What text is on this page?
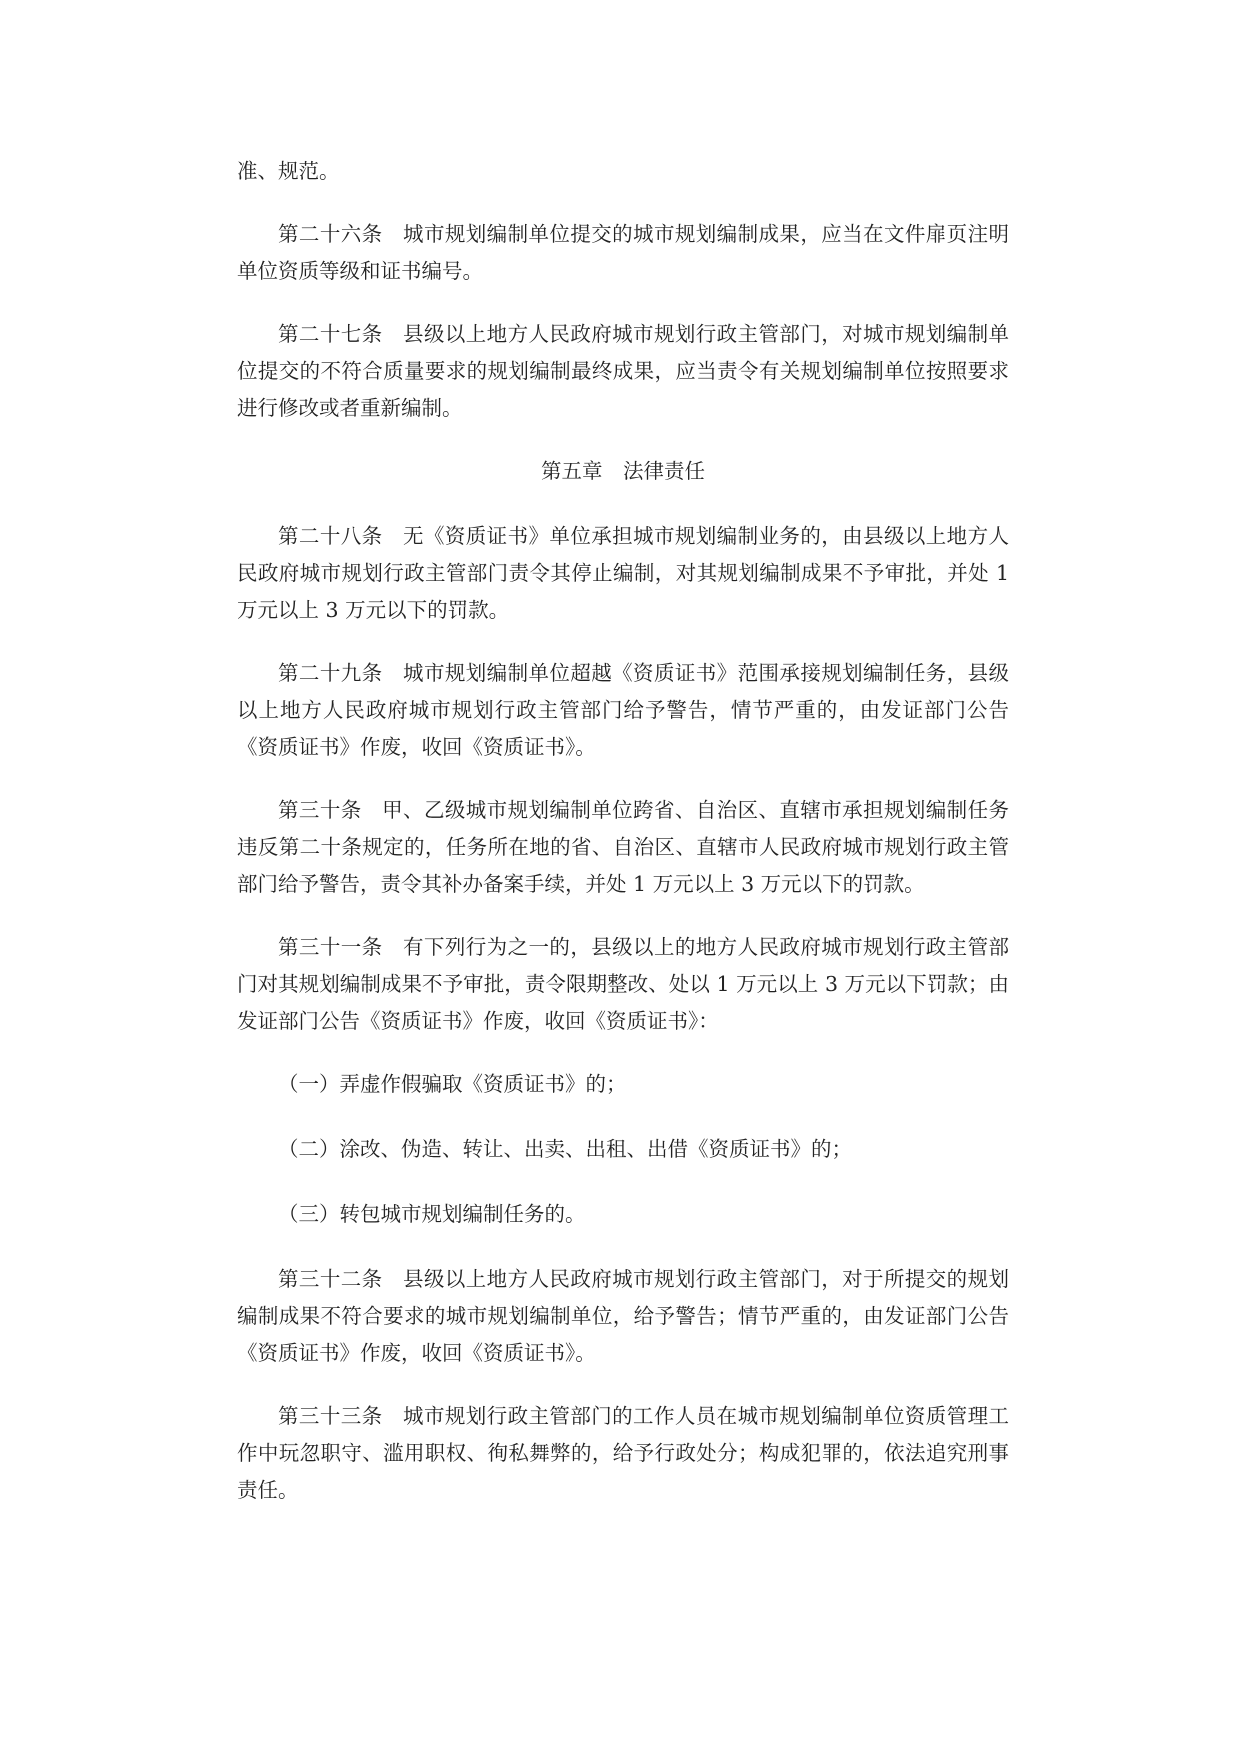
准、规范。

第二十六条 城市规划编制单位提交的城市规划编制成果，应当在文件扉页注明单位资质等级和证书编号。

第二十七条 县级以上地方人民政府城市规划行政主管部门，对城市规划编制单位提交的不符合质量要求的规划编制最终成果，应当责令有关规划编制单位按照要求进行修改或者重新编制。

第五章　法律责任

第二十八条 无《资质证书》单位承担城市规划编制业务的，由县级以上地方人民政府城市规划行政主管部门责令其停止编制，对其规划编制成果不予审批，并处 1 万元以上 3 万元以下的罚款。

第二十九条 城市规划编制单位超越《资质证书》范围承接规划编制任务，县级以上地方人民政府城市规划行政主管部门给予警告，情节严重的，由发证部门公告《资质证书》作废，收回《资质证书》。

第三十条 甲、乙级城市规划编制单位跨省、自治区、直辖市承担规划编制任务违反第二十条规定的，任务所在地的省、自治区、直辖市人民政府城市规划行政主管部门给予警告，责令其补办备案手续，并处 1 万元以上 3 万元以下的罚款。

第三十一条 有下列行为之一的，县级以上的地方人民政府城市规划行政主管部门对其规划编制成果不予审批，责令限期整改、处以 1 万元以上 3 万元以下罚款；由发证部门公告《资质证书》作废，收回《资质证书》：

（一）弄虚作假骗取《资质证书》的；

（二）涂改、伪造、转让、出卖、出租、出借《资质证书》的；

（三）转包城市规划编制任务的。

第三十二条 县级以上地方人民政府城市规划行政主管部门，对于所提交的规划编制成果不符合要求的城市规划编制单位，给予警告；情节严重的，由发证部门公告《资质证书》作废，收回《资质证书》。

第三十三条 城市规划行政主管部门的工作人员在城市规划编制单位资质管理工作中玩忽职守、滥用职权、徇私舞弊的，给予行政处分；构成犯罪的，依法追究刑事责任。
